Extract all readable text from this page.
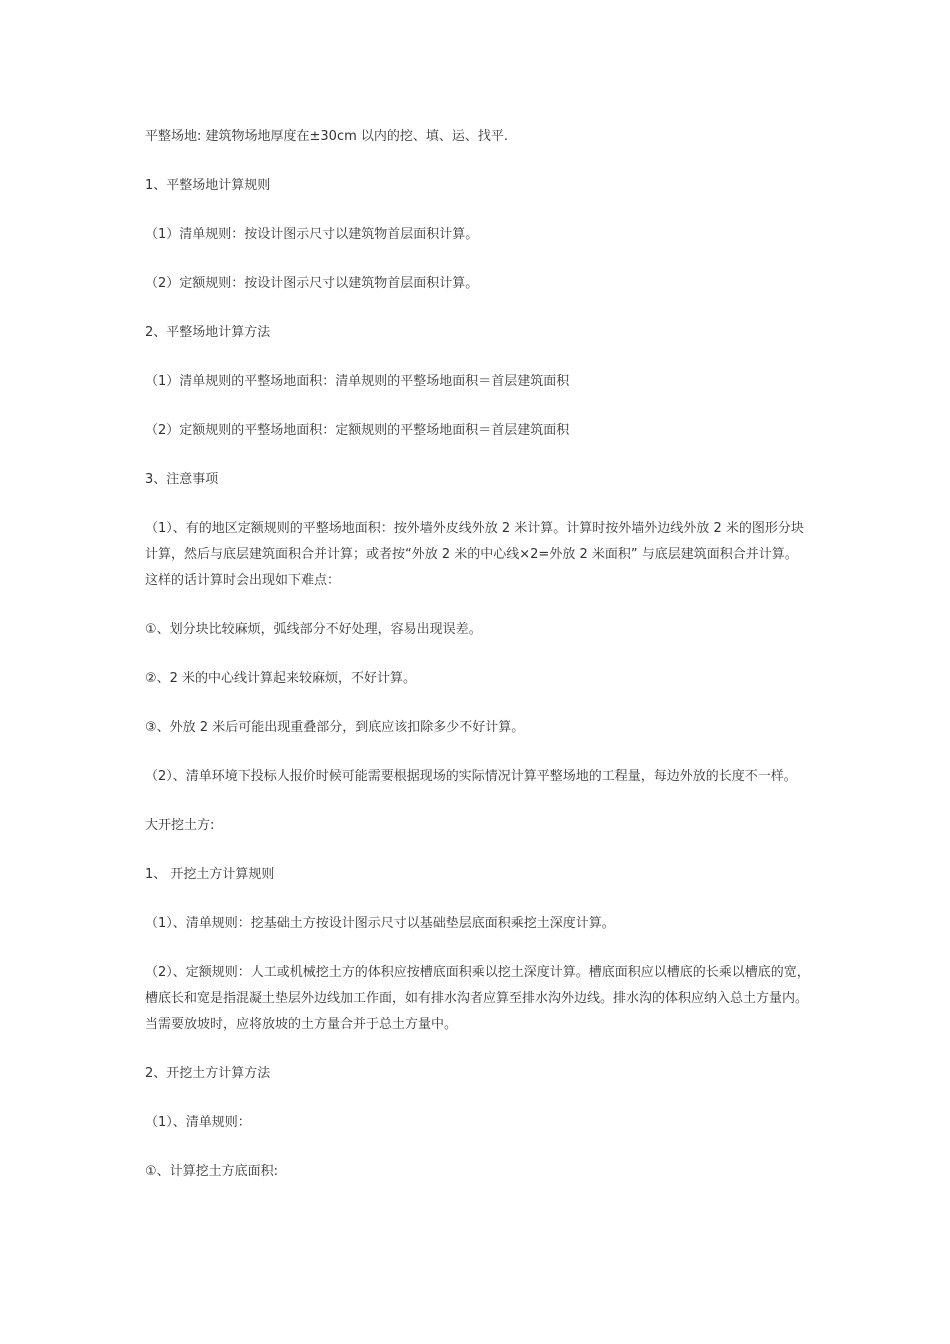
平整场地: 建筑物场地厚度在±30cm 以内的挖、填、运、找平.

1、平整场地计算规则

（1）清单规则：按设计图示尺寸以建筑物首层面积计算。

（2）定额规则：按设计图示尺寸以建筑物首层面积计算。

2、平整场地计算方法

（1）清单规则的平整场地面积：清单规则的平整场地面积＝首层建筑面积

（2）定额规则的平整场地面积：定额规则的平整场地面积＝首层建筑面积

3、注意事项

（1）、有的地区定额规则的平整场地面积：按外墙外皮线外放 2 米计算。计算时按外墙外边线外放 2 米的图形分块计算，然后与底层建筑面积合并计算；或者按“外放 2 米的中心线×2=外放 2 米面积” 与底层建筑面积合并计算。这样的话计算时会出现如下难点：

①、划分块比较麻烦，弧线部分不好处理，容易出现误差。

②、2 米的中心线计算起来较麻烦，不好计算。

③、外放 2 米后可能出现重叠部分，到底应该扣除多少不好计算。

（2）、清单环境下投标人报价时候可能需要根据现场的实际情况计算平整场地的工程量，每边外放的长度不一样。

大开挖土方:

1、 开挖土方计算规则

（1）、清单规则：挖基础土方按设计图示尺寸以基础垫层底面积乘挖土深度计算。

（2）、定额规则：人工或机械挖土方的体积应按槽底面积乘以挖土深度计算。槽底面积应以槽底的长乘以槽底的宽，槽底长和宽是指混凝土垫层外边线加工作面，如有排水沟者应算至排水沟外边线。排水沟的体积应纳入总土方量内。当需要放坡时，应将放坡的土方量合并于总土方量中。

2、开挖土方计算方法

（1）、清单规则：

①、计算挖土方底面积:
